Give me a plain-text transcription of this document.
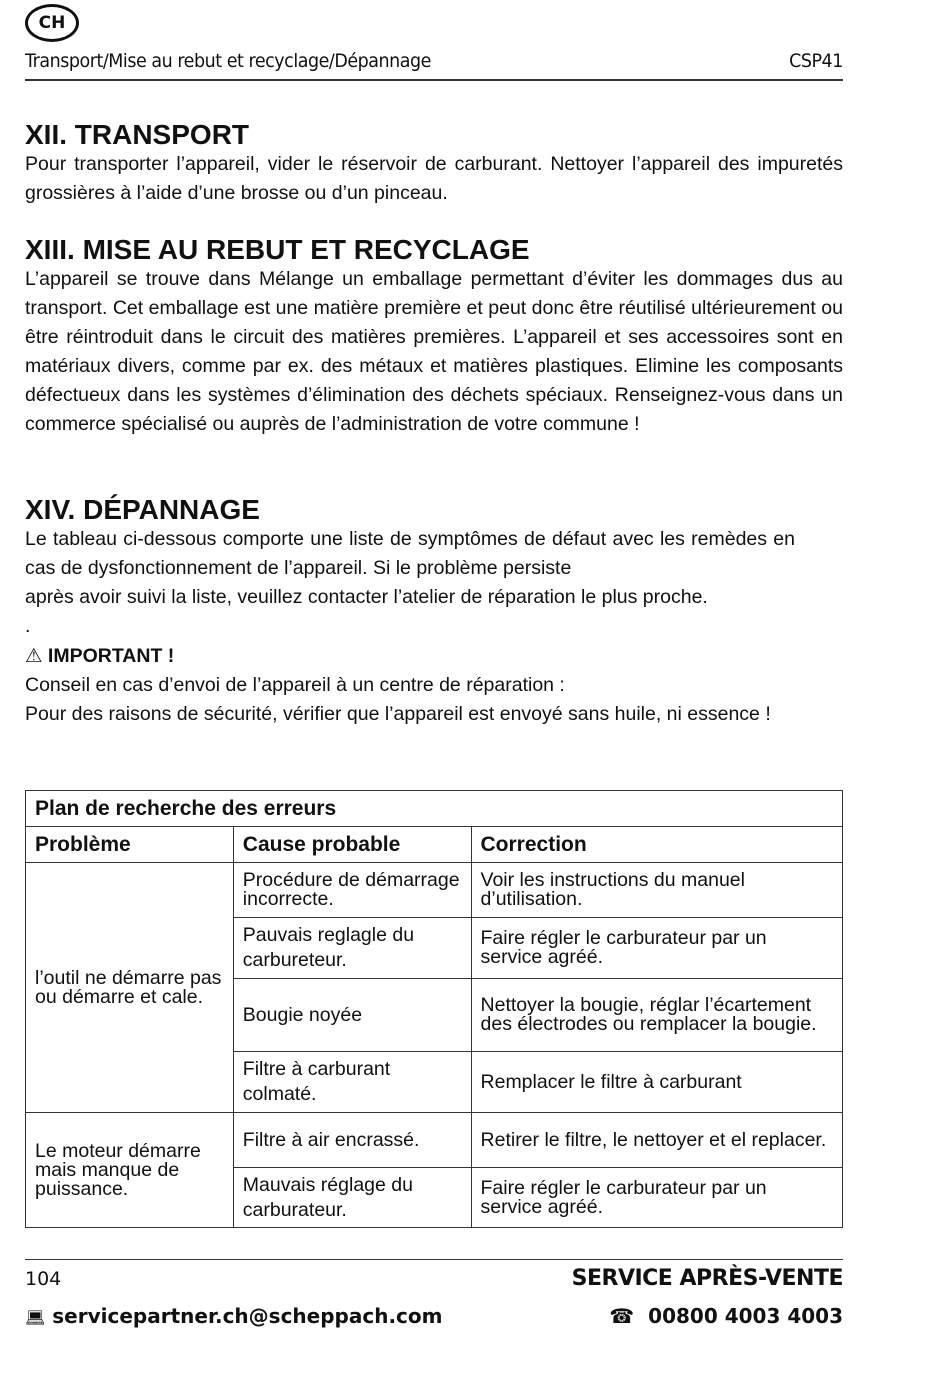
CH
Transport/Mise au rebut et recyclage/Dépannage	CSP41
XII. TRANSPORT

Pour transporter l’appareil, vider le réservoir de carburant. Nettoyer l’appareil des impuretés grossières à l’aide d’une brosse ou d’un pinceau.

XIII. MISE AU REBUT ET RECYCLAGE

L’appareil se trouve dans Mélange un emballage permettant d’éviter les dommages dus au transport. Cet emballage est une matière première et peut donc être réutilisé ultérieurement ou être réintroduit dans le circuit des matières premières. L’appareil et ses accessoires sont en matériaux divers, comme par ex. des métaux et matières plastiques. Elimine les composants défectueux dans les systèmes d’élimination des déchets spéciaux. Renseignez-vous dans un commerce spécialisé ou auprès de l’administration de votre commune !

XIV. DÉPANNAGE

Le tableau ci-dessous comporte une liste de symptômes de défaut avec les remèdes en cas de dysfonctionnement de l’appareil. Si le problème persiste

après avoir suivi la liste, veuillez contacter l’atelier de réparation le plus proche.

.

⚠ IMPORTANT !

Conseil en cas d’envoi de l’appareil à un centre de réparation :

Pour des raisons de sécurité, vérifier que l’appareil est envoyé sans huile, ni essence !

Plan de recherche des erreurs		
Problème	Cause probable	Correction
l’outil ne démarre pas ou démarre et cale.	Procédure de démarrage incorrecte.	Voir les instructions du manuel d’utilisation.
	Pauvais reglagle du carbureteur.	Faire régler le carburateur par un service agréé.
	Bougie noyée	Nettoyer la bougie, réglar l’écartement des électrodes ou remplacer la bougie.
	Filtre à carburant colmaté.	Remplacer le filtre à carburant
Le moteur démarre mais manque de puissance.	Filtre à air encrassé.	Retirer le filtre, le nettoyer et el replacer.
	Mauvais réglage du carburateur.	Faire régler le carburateur par un service agréé.
104	SERVICE APRÈS-VENTE
💻︎ servicepartner.ch@scheppach.com	☎ 00800 4003 4003
